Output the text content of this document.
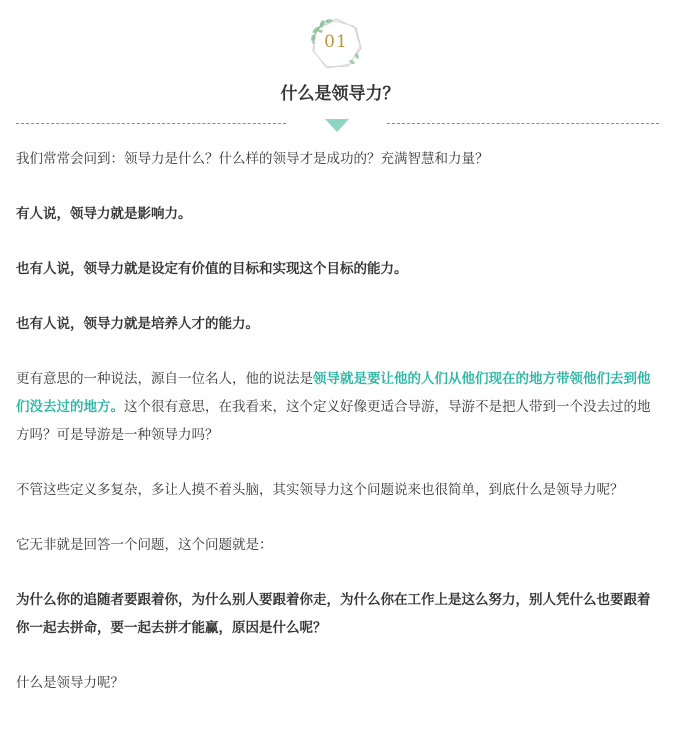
01
什么是领导力？

我们常常会问到：领导力是什么？什么样的领导才是成功的？充满智慧和力量？

有人说，领导力就是影响力。

也有人说，领导力就是设定有价值的目标和实现这个目标的能力。

也有人说，领导力就是培养人才的能力。

更有意思的一种说法，源自一位名人，他的说法是领导就是要让他的人们从他们现在的地方带领他们去到他们没去过的地方。这个很有意思，在我看来，这个定义好像更适合导游，导游不是把人带到一个没去过的地方吗？可是导游是一种领导力吗？

不管这些定义多复杂，多让人摸不着头脑，其实领导力这个问题说来也很简单，到底什么是领导力呢？

它无非就是回答一个问题，这个问题就是：

为什么你的追随者要跟着你，为什么别人要跟着你走，为什么你在工作上是这么努力，别人凭什么也要跟着你一起去拼命，要一起去拼才能赢，原因是什么呢？

什么是领导力呢？
